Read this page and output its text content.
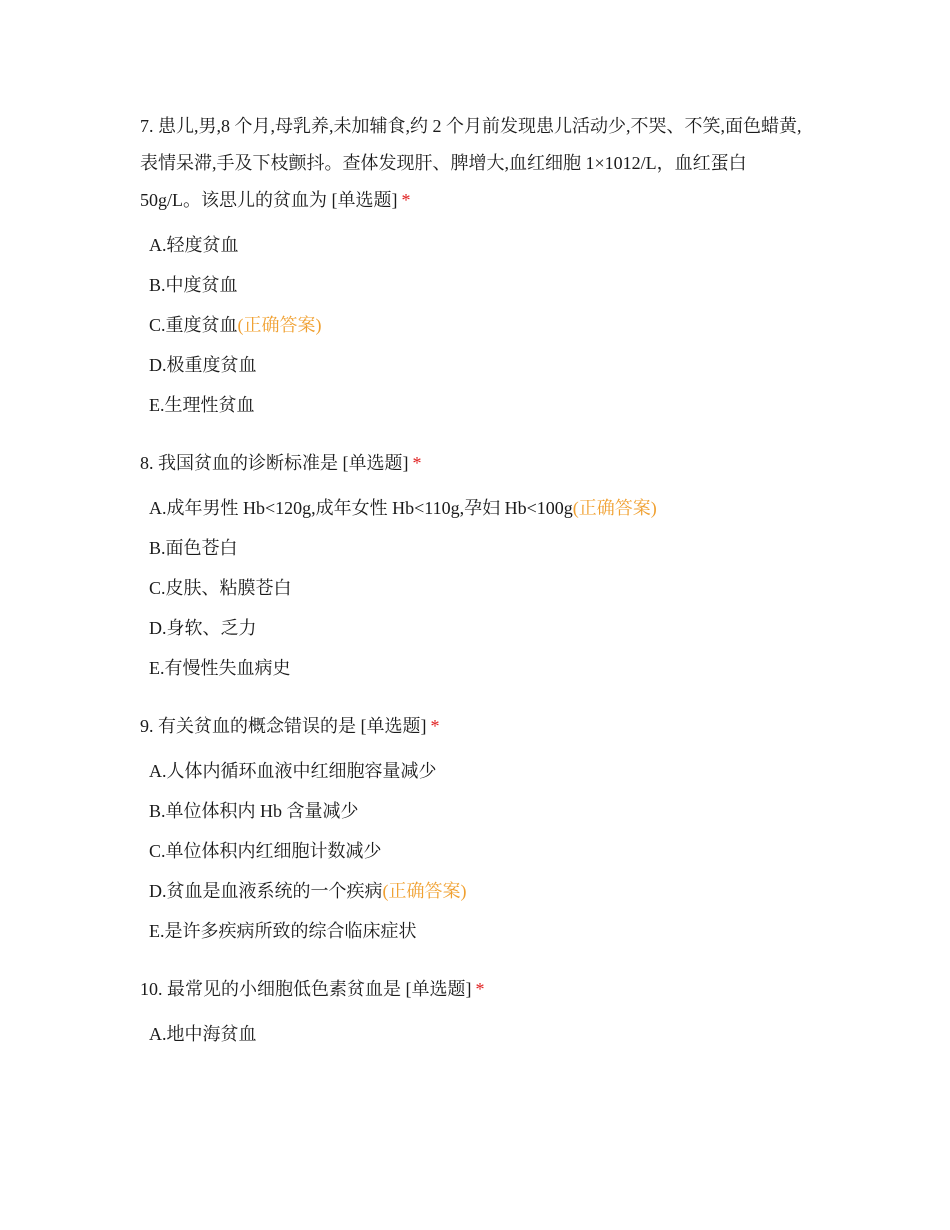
7. 患儿,男,8 个月,母乳养,未加辅食,约 2 个月前发现患儿活动少,不哭、不笑,面色蜡黄,表情呆滞,手及下枝颤抖。查体发现肝、脾增大,血红细胞 1×1012/L，血红蛋白 50g/L。该思儿的贫血为 [单选题] *

A.轻度贫血
B.中度贫血
C.重度贫血(正确答案)
D.极重度贫血
E.生理性贫血

8. 我国贫血的诊断标准是 [单选题] *

A.成年男性 Hb<120g,成年女性 Hb<110g,孕妇 Hb<100g(正确答案)
B.面色苍白
C.皮肤、粘膜苍白
D.身软、乏力
E.有慢性失血病史

9. 有关贫血的概念错误的是 [单选题] *

A.人体内循环血液中红细胞容量减少
B.单位体积内 Hb 含量减少
C.单位体积内红细胞计数减少
D.贫血是血液系统的一个疾病(正确答案)
E.是许多疾病所致的综合临床症状

10. 最常见的小细胞低色素贫血是 [单选题] *

A.地中海贫血
